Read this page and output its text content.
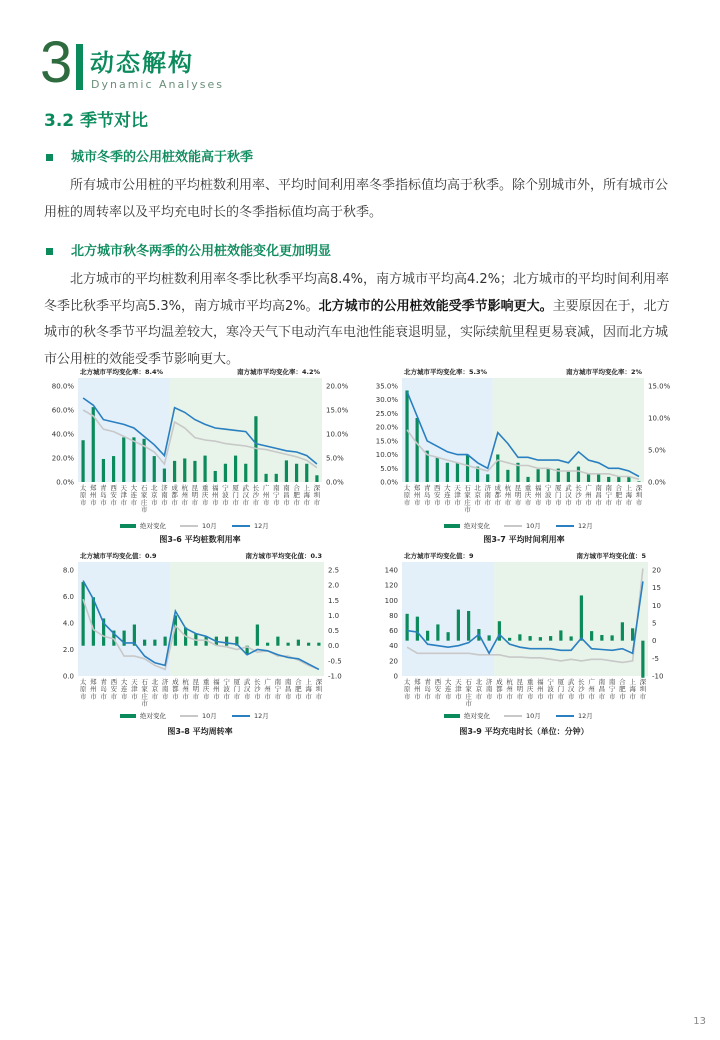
3 动态解构
Dynamic Analyses
3.2 季节对比
城市冬季的公用桩效能高于秋季
所有城市公用桩的平均桩数利用率、平均时间利用率冬季指标值均高于秋季。除个别城市外，所有城市公用桩的周转率以及平均充电时长的冬季指标值均高于秋季。
北方城市秋冬两季的公用桩效能变化更加明显
北方城市的平均桩数利用率冬季比秋季平均高8.4%，南方城市平均高4.2%；北方城市的平均时间利用率冬季比秋季平均高5.3%，南方城市平均高2%。北方城市的公用桩效能受季节影响更大。主要原因在于，北方城市的秋冬季节平均温差较大，寒冷天气下电动汽车电池性能衰退明显，实际续航里程更易衰减，因而北方城市公用桩的效能受季节影响更大。
北方城市平均变化率：8.4%	南方城市平均变化率：4.2%
0.0%
20.0%
40.0%
60.0%
80.0%
0.0%
5.0%
10.0%
15.0%
20.0%
太
原
市
郑
州
市
青
岛
市
西
安
市
天
津
市
大
连
市
石
家
庄
市
北
京
市
济
南
市
成
都
市
杭
州
市
昆
明
市
重
庆
市
福
州
市
宁
波
市
厦
门
市
武
汉
市
长
沙
市
广
州
市
南
宁
市
南
昌
市
合
肥
市
上
海
市
深
圳
市
绝对变化	10月	12月
图3-6 平均桩数利用率
北方城市平均变化率：5.3%	南方城市平均变化率：2%
0.0%
5.0%
10.0%
15.0%
20.0%
25.0%
30.0%
35.0%
0.0%
5.0%
10.0%
15.0%
太
原
市
郑
州
市
青
岛
市
西
安
市
大
连
市
天
津
市
石
家
庄
市
北
京
市
济
南
市
成
都
市
杭
州
市
昆
明
市
重
庆
市
福
州
市
宁
波
市
厦
门
市
武
汉
市
长
沙
市
广
州
市
南
昌
市
南
宁
市
合
肥
市
上
海
市
深
圳
市
绝对变化	10月	12月
图3-7 平均时间利用率
北方城市平均变化值：0.9	南方城市平均变化值：0.3
0.0
2.0
4.0
6.0
8.0
-1.0
-0.5
0.0
0.5
1.0
1.5
2.0
2.5
太
原
市
郑
州
市
青
岛
市
西
安
市
大
连
市
天
津
市
石
家
庄
市
北
京
市
济
南
市
成
都
市
杭
州
市
昆
明
市
重
庆
市
福
州
市
宁
波
市
厦
门
市
武
汉
市
长
沙
市
广
州
市
南
宁
市
南
昌
市
合
肥
市
上
海
市
深
圳
市
绝对变化	10月	12月
图3-8 平均周转率
北方城市平均变化值：9	南方城市平均变化值：5
0
20
40
60
80
100
120
140
-10
-5
0
5
10
15
20
太
原
市
郑
州
市
青
岛
市
西
安
市
大
连
市
天
津
市
石
家
庄
市
北
京
市
济
南
市
成
都
市
杭
州
市
昆
明
市
重
庆
市
福
州
市
宁
波
市
厦
门
市
武
汉
市
长
沙
市
广
州
市
南
昌
市
南
宁
市
合
肥
市
上
海
市
深
圳
市
绝对变化	10月	12月
图3-9 平均充电时长（单位：分钟）
13
